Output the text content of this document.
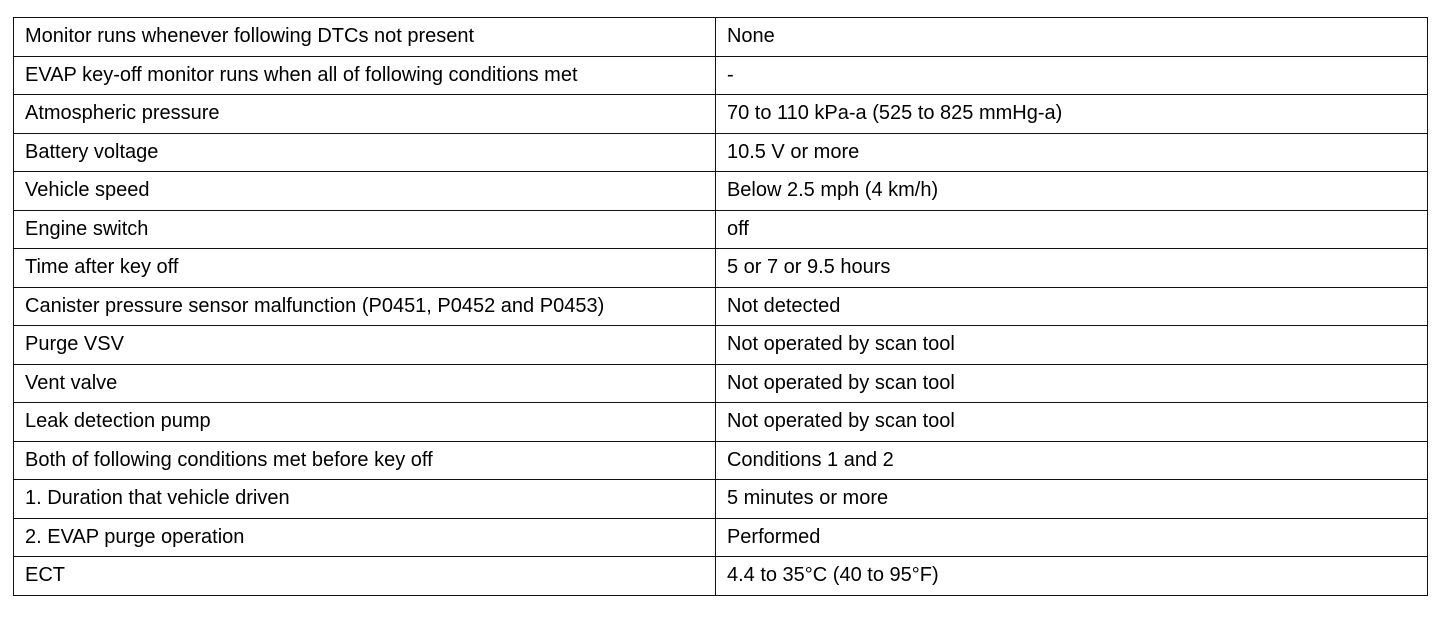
Monitor runs whenever following DTCs not present	None
EVAP key-off monitor runs when all of following conditions met	-
Atmospheric pressure	70 to 110 kPa-a (525 to 825 mmHg-a)
Battery voltage	10.5 V or more
Vehicle speed	Below 2.5 mph (4 km/h)
Engine switch	off
Time after key off	5 or 7 or 9.5 hours
Canister pressure sensor malfunction (P0451, P0452 and P0453)	Not detected
Purge VSV	Not operated by scan tool
Vent valve	Not operated by scan tool
Leak detection pump	Not operated by scan tool
Both of following conditions met before key off	Conditions 1 and 2
1. Duration that vehicle driven	5 minutes or more
2. EVAP purge operation	Performed
ECT	4.4 to 35°C (40 to 95°F)
